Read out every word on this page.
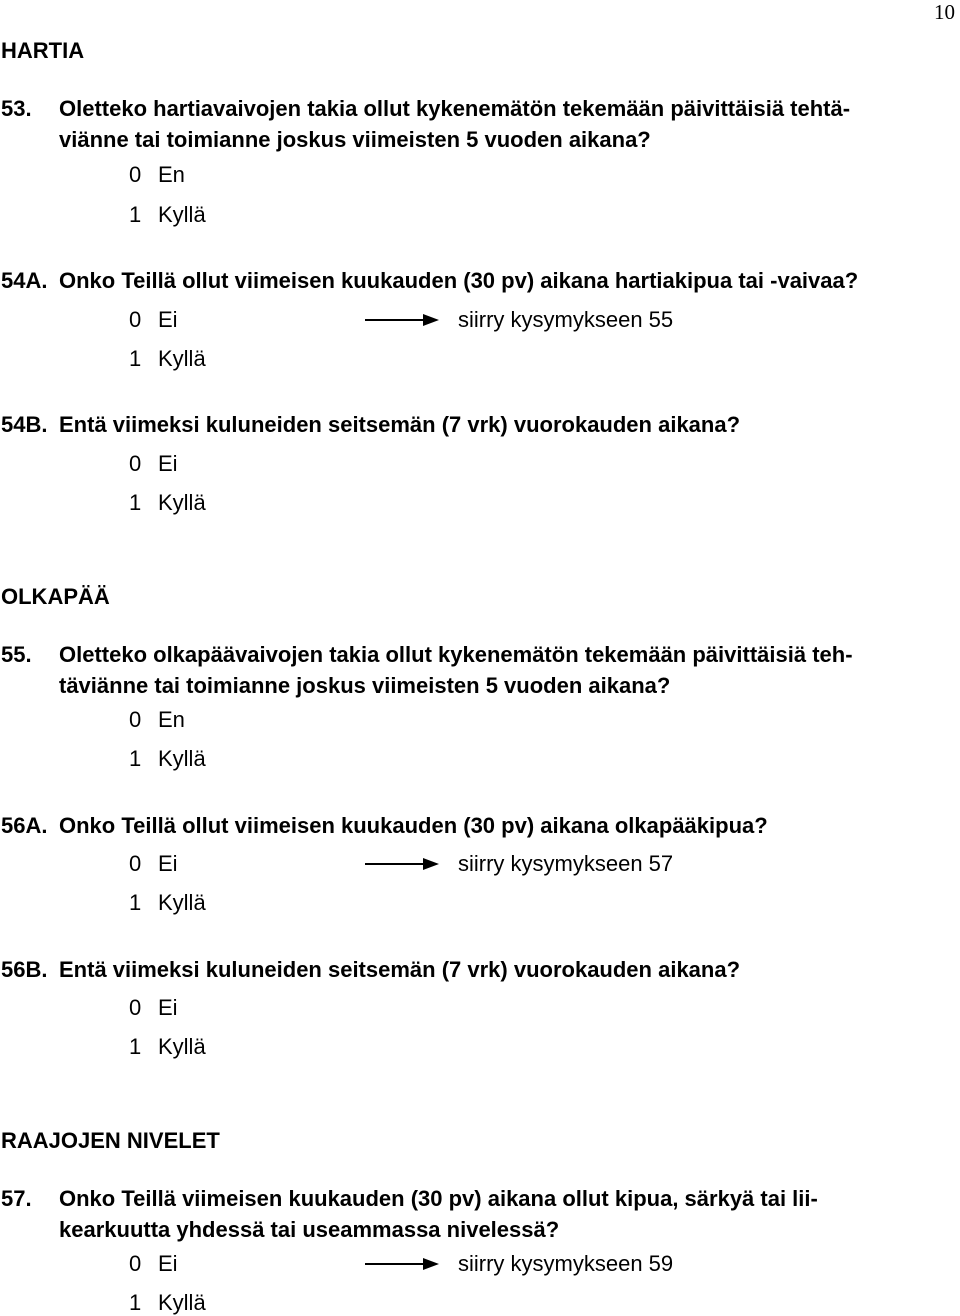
10
HARTIA
53. Oletteko hartiavaivojen takia ollut kykenemätön tekemään päivittäisiä tehtä-
viänne tai toimianne joskus viimeisten 5 vuoden aikana?
0 En
1 Kyllä
54A. Onko Teillä ollut viimeisen kuukauden (30 pv) aikana hartiakipua tai -vaivaa?
0 Ei	siirry kysymykseen 55
1 Kyllä
54B. Entä viimeksi kuluneiden seitsemän (7 vrk) vuorokauden aikana?
0 Ei
1 Kyllä
OLKAPÄÄ
55. Oletteko olkapäävaivojen takia ollut kykenemätön tekemään päivittäisiä teh-
täviänne tai toimianne joskus viimeisten 5 vuoden aikana?
0 En
1 Kyllä
56A. Onko Teillä ollut viimeisen kuukauden (30 pv) aikana olkapääkipua?
0 Ei	siirry kysymykseen 57
1 Kyllä
56B. Entä viimeksi kuluneiden seitsemän (7 vrk) vuorokauden aikana?
0 Ei
1 Kyllä
RAAJOJEN NIVELET
57. Onko Teillä viimeisen kuukauden (30 pv) aikana ollut kipua, särkyä tai lii-
kearkuutta yhdessä tai useammassa nivelessä?
0 Ei	siirry kysymykseen 59
1 Kyllä
